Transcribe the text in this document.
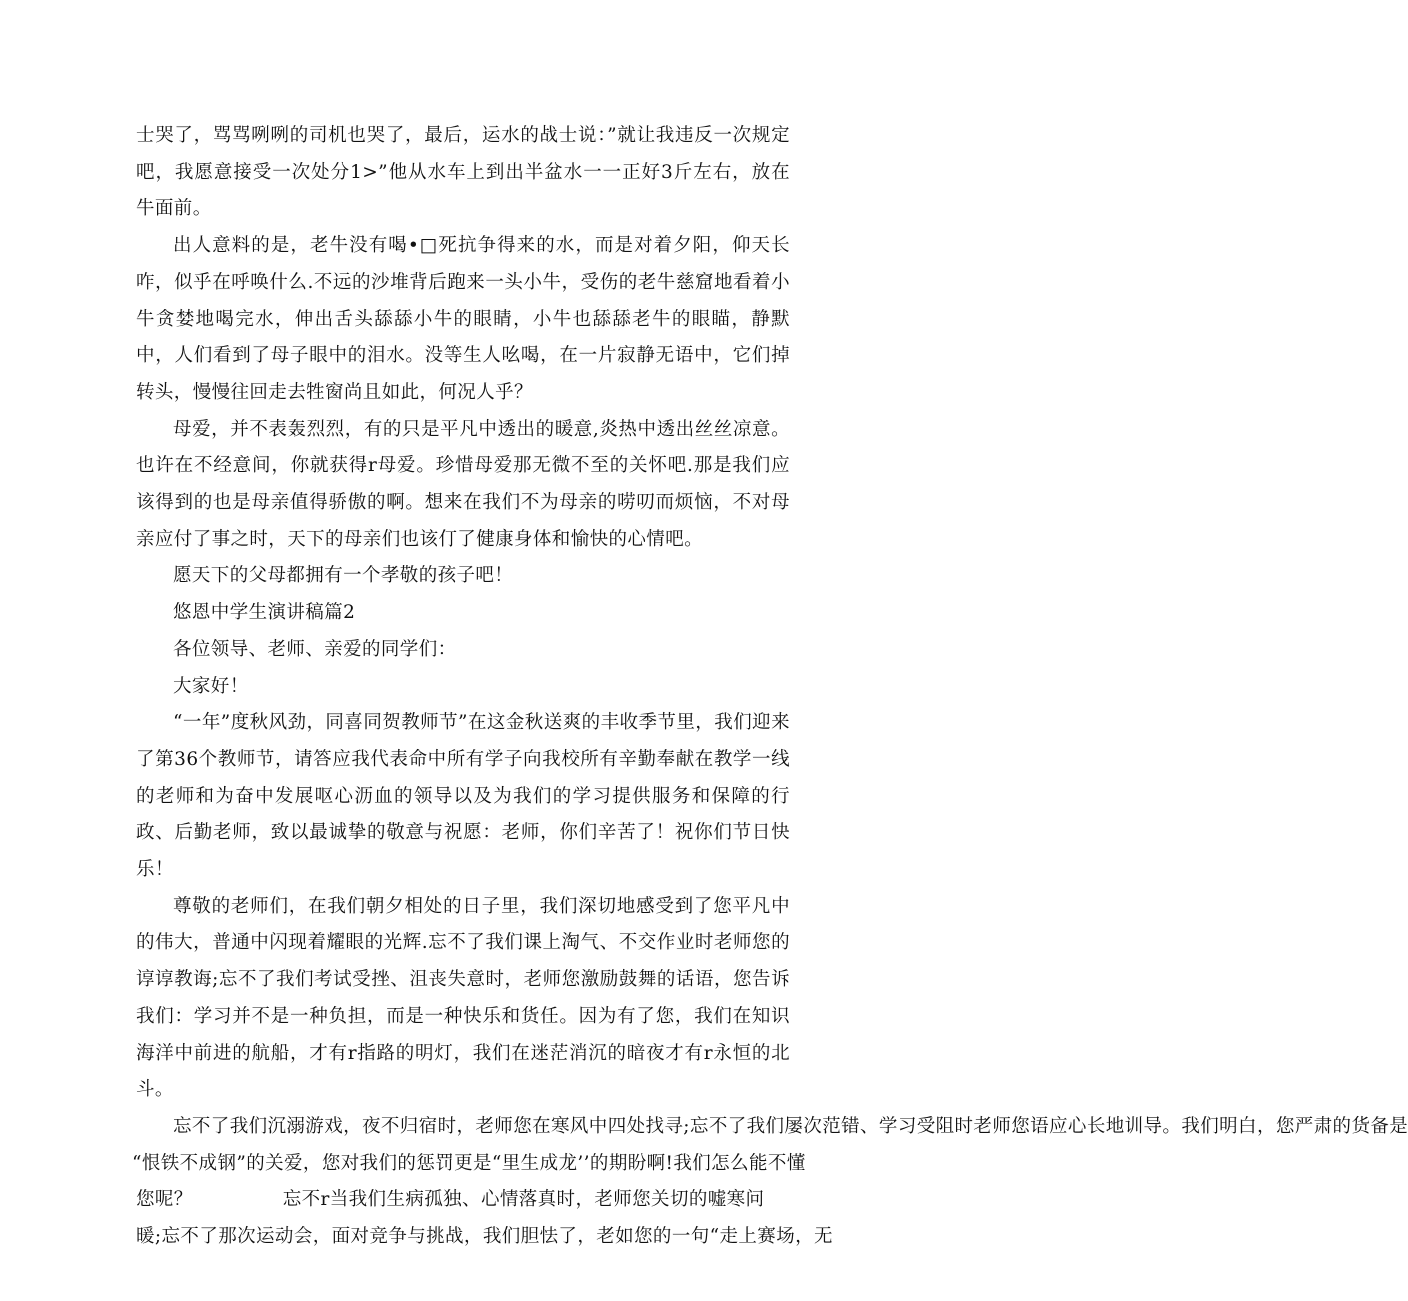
士哭了，骂骂咧咧的司机也哭了，最后，运水的战士说：”就让我违反一次规定吧，我愿意接受一次处分1>”他从水车上到出半盆水一一正好3斤左右，放在牛面前。

出人意料的是，老牛没有喝•□死抗争得来的水，而是对着夕阳，仰天长咋，似乎在呼唤什么.不远的沙堆背后跑来一头小牛，受伤的老牛慈窟地看着小牛贪婪地喝完水，伸出舌头舔舔小牛的眼睛，小牛也舔舔老牛的眼瞄，静默中，人们看到了母子眼中的泪水。没等生人吆喝，在一片寂静无语中，它们掉转头，慢慢往回走去牲窗尚且如此，何况人乎？

母爱，并不表轰烈烈，有的只是平凡中透出的暖意,炎热中透出丝丝凉意。也许在不经意间，你就获得r母爱。珍惜母爱那无微不至的关怀吧.那是我们应该得到的也是母亲值得骄傲的啊。想来在我们不为母亲的唠叨而烦恼，不对母亲应付了事之时，天下的母亲们也该仃了健康身体和愉快的心情吧。

愿天下的父母都拥有一个孝敬的孩子吧！

悠恩中学生演讲稿篇2

各位领导、老师、亲爱的同学们：

大家好！

“一年”度秋风劲，同喜同贺教师节”在这金秋送爽的丰收季节里，我们迎来了第36个教师节，请答应我代表命中所有学子向我校所有辛勤奉献在教学一线的老师和为奋中发展呕心沥血的领导以及为我们的学习提供服务和保障的行政、后勤老师，致以最诚挚的敬意与祝愿：老师，你们辛苦了！祝你们节日快乐！

尊敬的老师们，在我们朝夕相处的日子里，我们深切地感受到了您平凡中的伟大，普通中闪现着耀眼的光辉.忘不了我们课上淘气、不交作业时老师您的谆谆教诲;忘不了我们考试受挫、沮丧失意时，老师您激励鼓舞的话语，您告诉我们：学习并不是一种负担，而是一种快乐和货任。因为有了您，我们在知识海洋中前进的航船，才有r指路的明灯，我们在迷茫消沉的暗夜才有r永恒的北斗。

忘不了我们沉溺游戏，夜不归宿时，老师您在寒风中四处找寻;忘不了我们屡次范错、学习受阻时老师您语应心长地训导。我们明白，您严肃的货备是

“恨铁不成钢”的关爱，您对我们的惩罚更是“里生成龙’’的期盼啊!我们怎么能不懂

您呢？	忘不r当我们生病孤独、心情落真时，老师您关切的嘘寒问

暖;忘不了那次运动会，面对竞争与挑战，我们胆怯了，老如您的一句“走上赛场，无
